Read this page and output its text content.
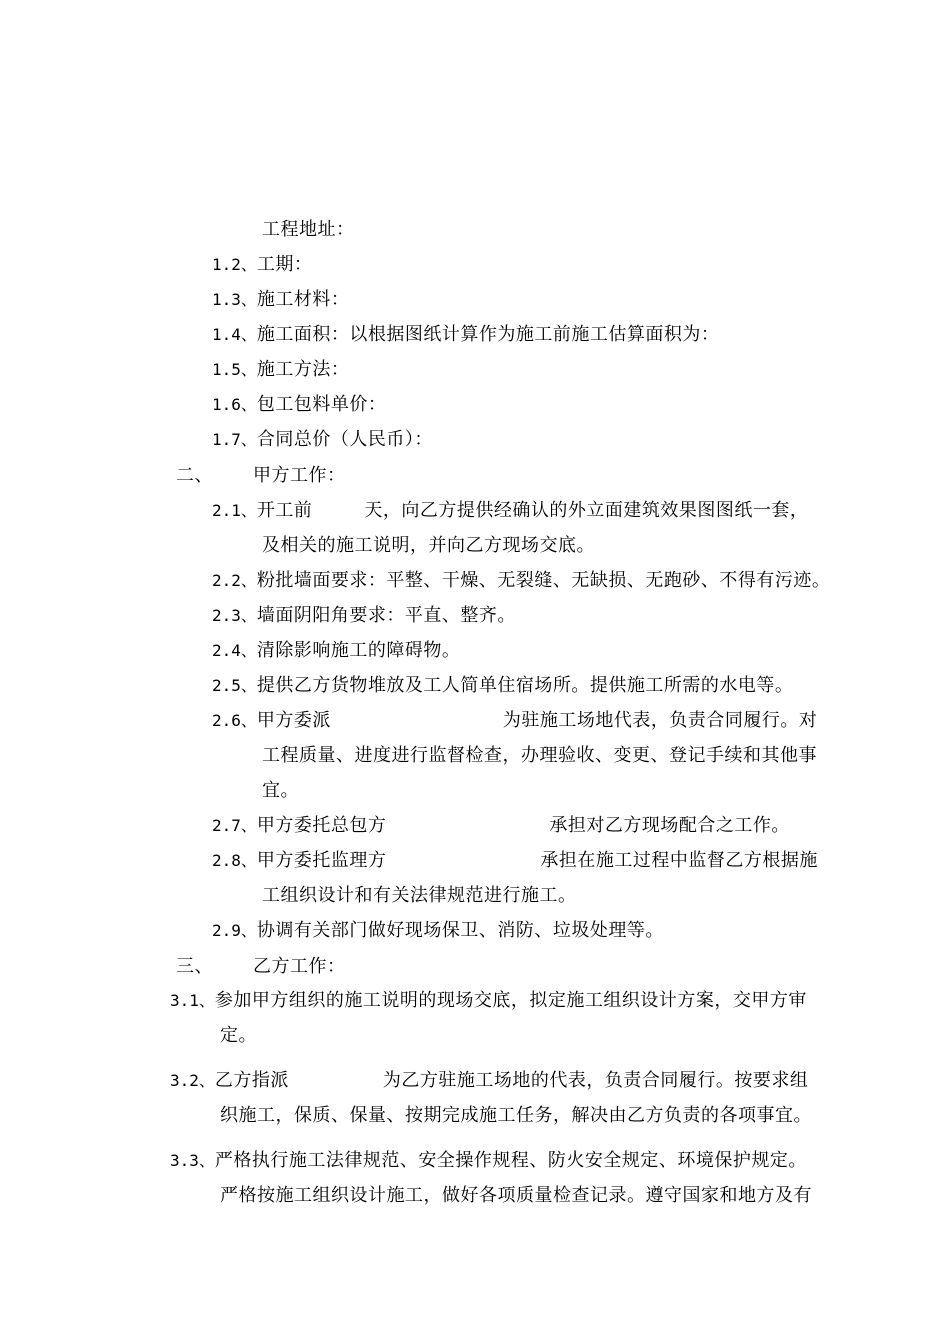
工程地址：
1.2、工期：
1.3、施工材料：
1.4、施工面积：以根据图纸计算作为施工前施工估算面积为：
1.5、施工方法：
1.6、包工包料单价：
1.7、合同总价（人民币）：
二、 甲方工作：
2.1、开工前	天，向乙方提供经确认的外立面建筑效果图图纸一套，
及相关的施工说明，并向乙方现场交底。
2.2、粉批墙面要求：平整、干燥、无裂缝、无缺损、无跑砂、不得有污迹。
2.3、墙面阴阳角要求：平直、整齐。
2.4、清除影响施工的障碍物。
2.5、提供乙方货物堆放及工人简单住宿场所。提供施工所需的水电等。
2.6、甲方委派	为驻施工场地代表，负责合同履行。对
工程质量、进度进行监督检查，办理验收、变更、登记手续和其他事
宜。
2.7、甲方委托总包方	承担对乙方现场配合之工作。
2.8、甲方委托监理方	承担在施工过程中监督乙方根据施
工组织设计和有关法律规范进行施工。
2.9、协调有关部门做好现场保卫、消防、垃圾处理等。
三、 乙方工作：
3.1、参加甲方组织的施工说明的现场交底，拟定施工组织设计方案，交甲方审
定。
3.2、乙方指派	为乙方驻施工场地的代表，负责合同履行。按要求组
织施工，保质、保量、按期完成施工任务，解决由乙方负责的各项事宜。
3.3、严格执行施工法律规范、安全操作规程、防火安全规定、环境保护规定。
严格按施工组织设计施工，做好各项质量检查记录。遵守国家和地方及有
